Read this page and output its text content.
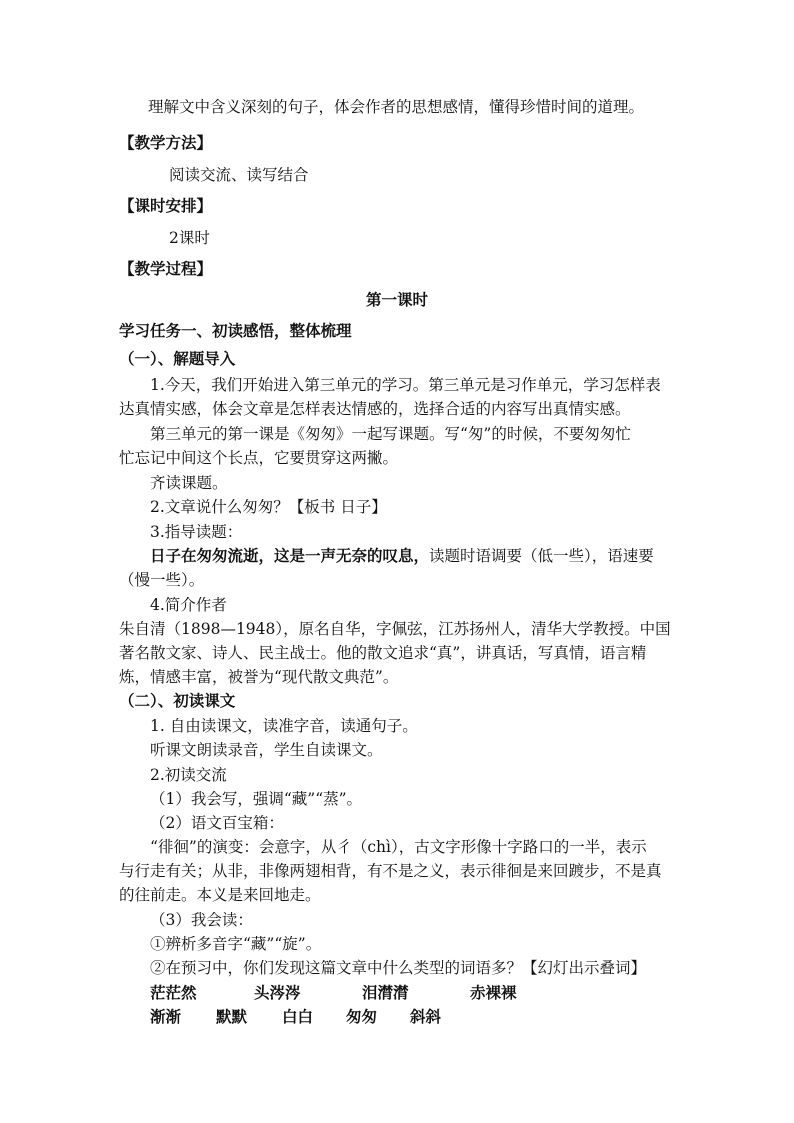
理解文中含义深刻的句子，体会作者的思想感情，懂得珍惜时间的道理。
【教学方法】
阅读交流、读写结合
【课时安排】
2课时
【教学过程】
第一课时
学习任务一、初读感悟，整体梳理
（一）、解题导入
1.今天，我们开始进入第三单元的学习。第三单元是习作单元，学习怎样表
达真情实感，体会文章是怎样表达情感的，选择合适的内容写出真情实感。
第三单元的第一课是《匆匆》一起写课题。写“匆”的时候，不要匆匆忙
忙忘记中间这个长点，它要贯穿这两撇。
齐读课题。
2.文章说什么匆匆？【板书 日子】
3.指导读题：
日子在匆匆流逝，这是一声无奈的叹息，读题时语调要（低一些），语速要
（慢一些）。
4.简介作者
朱自清（1898—1948），原名自华，字佩弦，江苏扬州人，清华大学教授。中国
著名散文家、诗人、民主战士。他的散文追求“真”，讲真话，写真情，语言精
炼，情感丰富，被誉为“现代散文典范”。
（二）、初读课文
1. 自由读课文，读准字音，读通句子。
听课文朗读录音，学生自读课文。
2.初读交流
（1）我会写，强调“藏”“蒸”。
（2）语文百宝箱：
“徘徊”的演变：会意字，从彳（chì），古文字形像十字路口的一半，表示
与行走有关；从非，非像两翅相背，有不是之义，表示徘徊是来回踱步，不是真
的往前走。本义是来回地走。
（3）我会读：
①辨析多音字“藏”“旋”。
②在预习中，你们发现这篇文章中什么类型的词语多？【幻灯出示叠词】
茫茫然	头涔涔	泪潸潸	赤裸裸
渐渐 默默 白白 匆匆 斜斜
